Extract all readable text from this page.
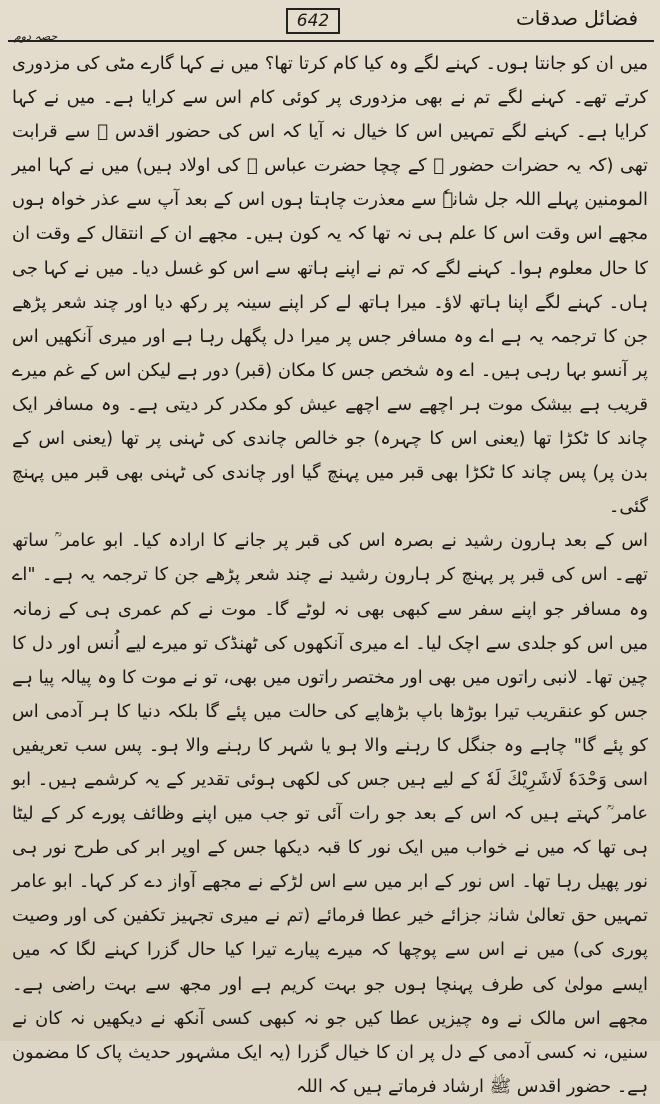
حصہ دوم
642	فضائل صدقات
میں ان کو جانتا ہوں۔ کہنے لگے وہ کیا کام کرتا تھا؟ میں نے کہا گارے مٹی کی مزدوری کرتے تھے۔ کہنے لگے تم نے بھی مزدوری پر کوئی کام اس سے کرایا ہے۔ میں نے کہا کرایا ہے۔ کہنے لگے تمہیں اس کا خیال نہ آیا کہ اس کی حضور اقدس ﷺ سے قرابت تھی (کہ یہ حضرات حضور ﷺ کے چچا حضرت عباس ؓ کی اولاد ہیں) میں نے کہا امیر المومنین پہلے اللہ جل شانہٗ سے معذرت چاہتا ہوں اس کے بعد آپ سے عذر خواہ ہوں مجھے اس وقت اس کا علم ہی نہ تھا کہ یہ کون ہیں۔ مجھے ان کے انتقال کے وقت ان کا حال معلوم ہوا۔ کہنے لگے کہ تم نے اپنے ہاتھ سے اس کو غسل دیا۔ میں نے کہا جی ہاں۔ کہنے لگے اپنا ہاتھ لاؤ۔ میرا ہاتھ لے کر اپنے سینہ پر رکھ دیا اور چند شعر پڑھے جن کا ترجمہ یہ ہے اے وہ مسافر جس پر میرا دل پگھل رہا ہے اور میری آنکھیں اس پر آنسو بہا رہی ہیں۔ اے وہ شخص جس کا مکان (قبر) دور ہے لیکن اس کے غم میرے قریب ہے بیشک موت ہر اچھے سے اچھے عیش کو مکدر کر دیتی ہے۔ وہ مسافر ایک چاند کا ٹکڑا تھا (یعنی اس کا چہرہ) جو خالص چاندی کی ٹہنی پر تھا (یعنی اس کے بدن پر) پس چاند کا ٹکڑا بھی قبر میں پہنچ گیا اور چاندی کی ٹہنی بھی قبر میں پہنچ گئی۔
اس کے بعد ہارون رشید نے بصرہ اس کی قبر پر جانے کا ارادہ کیا۔ ابو عامر ؒ ساتھ تھے۔ اس کی قبر پر پہنچ کر ہارون رشید نے چند شعر پڑھے جن کا ترجمہ یہ ہے۔ "اے وہ مسافر جو اپنے سفر سے کبھی بھی نہ لوٹے گا۔ موت نے کم عمری ہی کے زمانہ میں اس کو جلدی سے اچک لیا۔ اے میری آنکھوں کی ٹھنڈک تو میرے لیے اُنس اور دل کا چین تھا۔ لانبی راتوں میں بھی اور مختصر راتوں میں بھی، تو نے موت کا وہ پیالہ پیا ہے جس کو عنقریب تیرا بوڑھا باپ بڑھاپے کی حالت میں پئے گا بلکہ دنیا کا ہر آدمی اس کو پئے گا" چاہے وہ جنگل کا رہنے والا ہو یا شہر کا رہنے والا ہو۔ پس سب تعریفیں اسی وَحْدَهٗ لَاشَرِيْكَ لَهٗ کے لیے ہیں جس کی لکھی ہوئی تقدیر کے یہ کرشمے ہیں۔ ابو عامر ؒ کہتے ہیں کہ اس کے بعد جو رات آئی تو جب میں اپنے وظائف پورے کر کے لیٹا ہی تھا کہ میں نے خواب میں ایک نور کا قبہ دیکھا جس کے اوپر ابر کی طرح نور ہی نور پھیل رہا تھا۔ اس نور کے ابر میں سے اس لڑکے نے مجھے آواز دے کر کہا۔ ابو عامر تمہیں حق تعالیٰ شانہٗ جزائے خیر عطا فرمائے (تم نے میری تجہیز تکفین کی اور وصیت پوری کی) میں نے اس سے پوچھا کہ میرے پیارے تیرا کیا حال گزرا کہنے لگا کہ میں ایسے مولیٰ کی طرف پہنچا ہوں جو بہت کریم ہے اور مجھ سے بہت راضی ہے۔ مجھے اس مالک نے وہ چیزیں عطا کیں جو نہ کبھی کسی آنکھ نے دیکھیں نہ کان نے سنیں، نہ کسی آدمی کے دل پر ان کا خیال گزرا (یہ ایک مشہور حدیث پاک کا مضمون ہے۔ حضور اقدس ﷺ ارشاد فرماتے ہیں کہ اللہ
